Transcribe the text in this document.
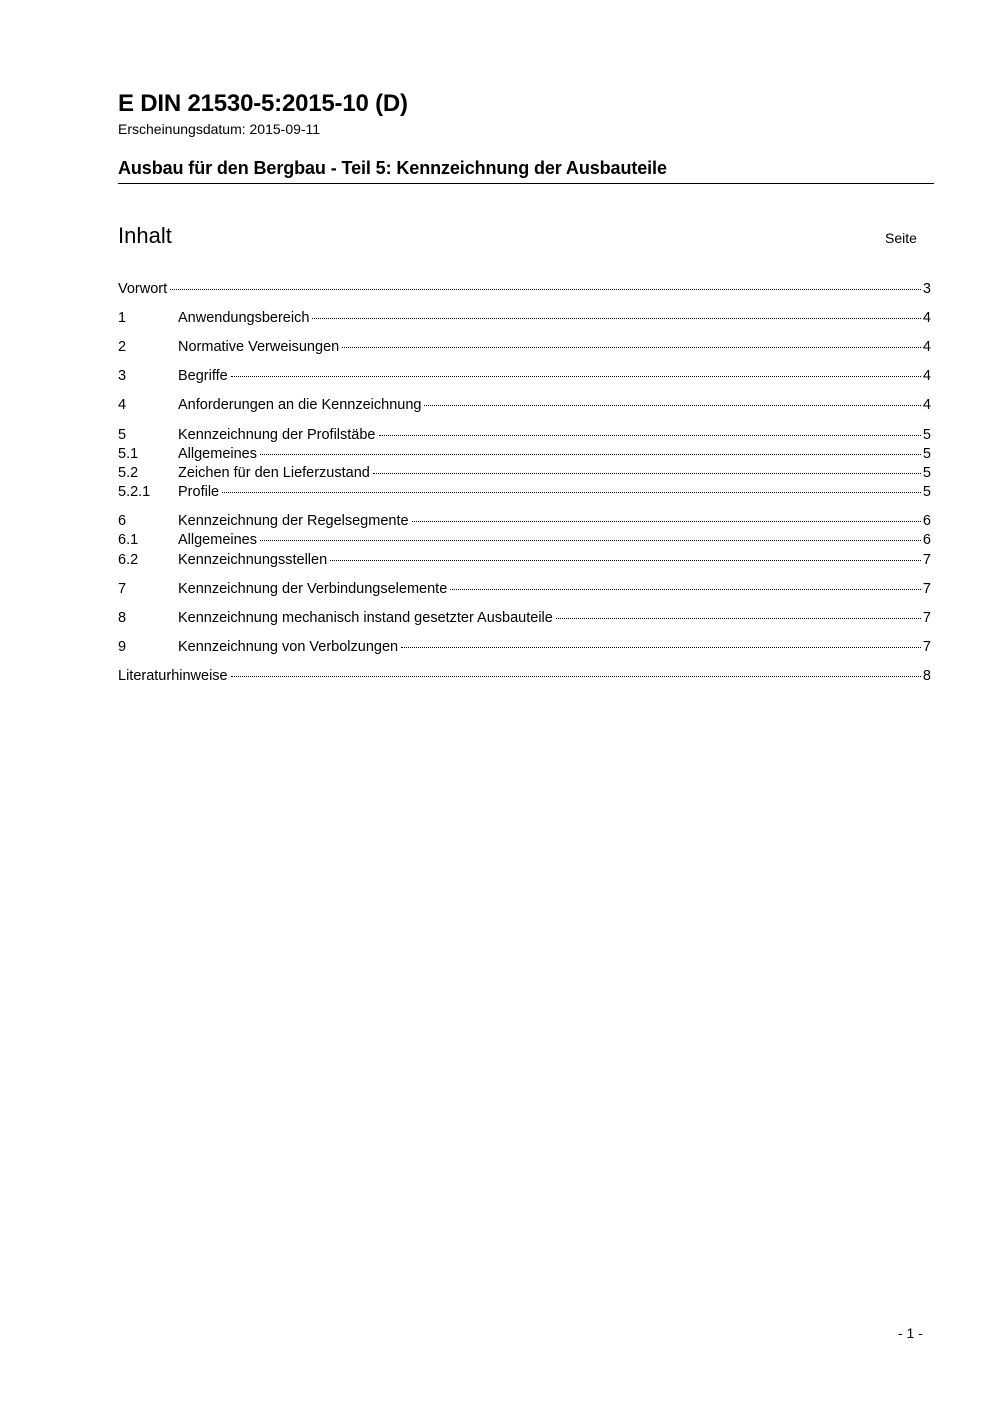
E DIN 21530-5:2015-10 (D)
Erscheinungsdatum: 2015-09-11
Ausbau für den Bergbau - Teil 5: Kennzeichnung der Ausbauteile
Inhalt	Seite
Vorwort	3
1	Anwendungsbereich	4
2	Normative Verweisungen	4
3	Begriffe	4
4	Anforderungen an die Kennzeichnung	4
5	Kennzeichnung der Profilstäbe	5
5.1	Allgemeines	5
5.2	Zeichen für den Lieferzustand	5
5.2.1	Profile	5
6	Kennzeichnung der Regelsegmente	6
6.1	Allgemeines	6
6.2	Kennzeichnungsstellen	7
7	Kennzeichnung der Verbindungselemente	7
8	Kennzeichnung mechanisch instand gesetzter Ausbauteile	7
9	Kennzeichnung von Verbolzungen	7
Literaturhinweise	8
- 1 -
